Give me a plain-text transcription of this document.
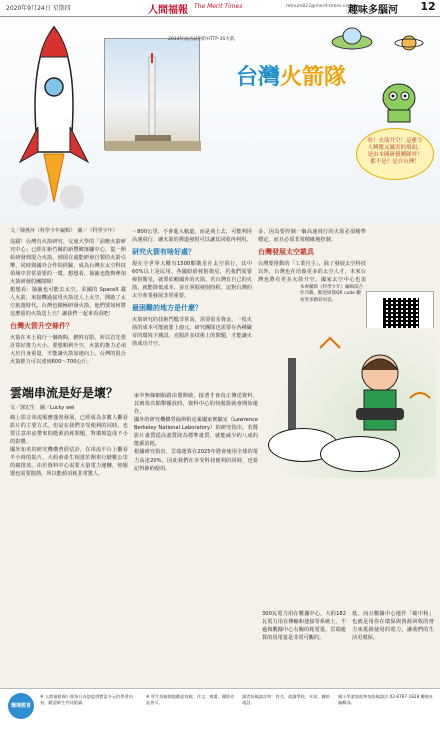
2020年9月24日 星期四	人間福報 The Merit Times	mtnum823@merit-times.com.tw
趣味多腦河 12
2014年成功試射的HTTP-3S火箭。
台灣火箭隊
哇！火箭升空！這麼令人興奮又厲害的場面，是由本國研發團隊呼！都不是？是自台灣！
文／陳燕萍（科學少年編輯）　圖／《科學少年》

沒錯！台灣有火箭研究、交通大學的「前瞻火箭研究中心」已經在新竹縣的新豐鄉落腳中心，從一開始研發到混合火箭，到現在還能研發自製的火箭引擎，同時與國外合作的經驗，成為台灣在太空科技領域中非常重要的一環。想想看，抽籤也能夠參加火箭研發的團隊喔！

想想看：抽籤也可能去太空。美國的 SpaceX 載人火箭，來接機過接用火箭送人上太空，開啟了太空旅遊時代。台灣也積極研發火箭，他們要如何將這麼重的火箭送上天？讓我們一起來看看吧！

台灣火箭升空條件？

火箭在本土飛行一個時間，燃料有限，所以首先要計算好推力大小。要想順利升空，火箭的推力必須大於自身重量，才能讓火箭加速向上。台灣的混合火箭推力可以達到600～700公斤。

～800公里，不會進入軌道，而是飛上去，可能利用高速飛行，讓火箭的彈道發射可以讓其回收再利用。

研究火箭有啥好處？

現在全世界大概有1500顆衛星在太空飛行，其中60%以上是民用。各國紛紛發射衛星，若我們需要發射衛星，就要依賴國外的火箭。若台灣有自己的火箭，就能降低成本，並且掌握發射時程，這對台灣的太空產業發展非常重要。

最困難的地方是什麼？

火箭研究的技術門檻非常高，需要很多資金，一枚火箭的成本可能就要上億元。研究團隊也需要在各種嚴苛的環境下測試，克服許多技術上的問題，才能讓火箭成功升空。

多，因為要控制一個高速飛行的火箭必須精準穩定，而且必須非常精確地控制。

台灣發展太空載具

台灣要推動的「工業自主」，除了發展太空科技以外，台灣也在培養更多的太空人才，未來台灣也將有更多火箭升空。國家太空中心也表

本專欄與《科學少年》編輯部合作刊載，歡迎掃描QR code 觀看更多精彩內容。
雲端串流是好是壞？
文／郭宏生　圖／Lucky wei

線上影音串流服務蓬勃發展，已經成為多數人觀看影片的主要方式。但是在我們享受便利的同時，也要注意串流帶來的能源消耗問題，對環境造成不小的影響。

國外知名的研究機構曾經估計，在串流平台上觀看半小時的影片，大約會產生相當於開車行駛數公里的碳排放。由於資料中心需要大量電力運轉，伺服器也需要散熱，所以能源消耗非常驚人。

家中無線網路路由器開啟，接著才會真正傳送資料。其實每次點擊播放時，資料中心的伺服器就會開始運作。

國外的研究機構勞倫斯柏克萊國家實驗室（Lawrence Berkeley National Laboratory）的研究指出，若將影片畫質從高畫質降為標準畫質，就能減少約八成的能源消耗。

根據研究指出，雲端運算在2025年將會使用全球的電力高達20%，因此我們在享受科技便利的同時，也要記得節約使用。

300瓦電力用在數據中心，大約182瓦電力用在傳輸和連接等系統上。不過與數據中心有關的耗電量，雲端運算的用電量是非常可觀的。

低，而且數據中心運作「碳中和」也就是用你在環保與資源回收的努力來抵銷使用的電力，讓我們的生活更環保。

環境教育
※ 人間福報國小版每日為您提供豐富多元的學習內容，歡迎師生共同閱讀。
※ 學生投稿園地歡迎投稿：作文、繪畫、攝影作品皆可。
讀者投稿請註明：姓名、就讀學校、年級、聯絡電話。
國小學童如欲參加投稿請洽 02-8787-1828 轉報社編輯部。
